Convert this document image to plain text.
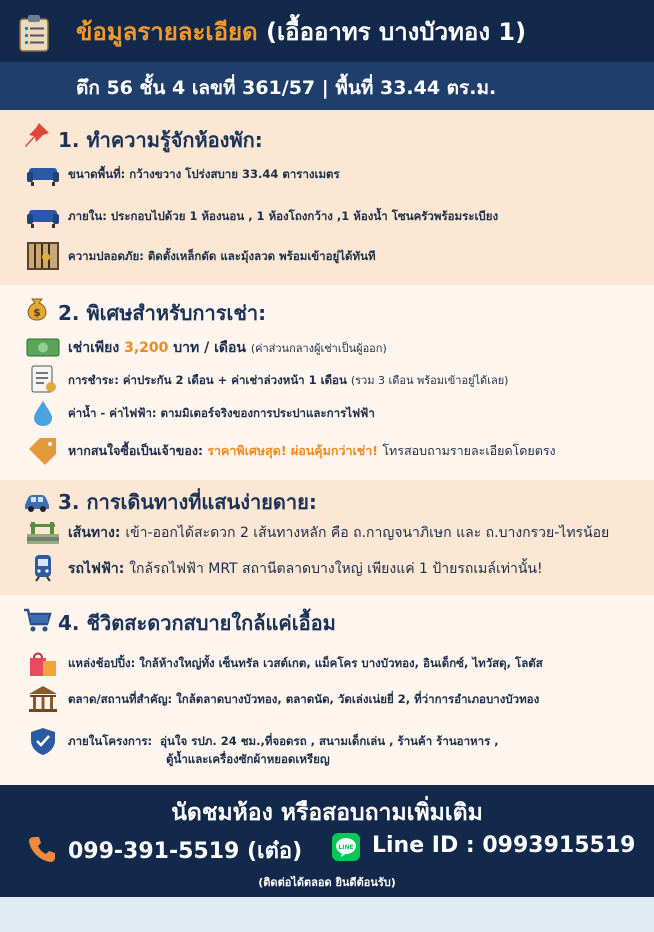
ข้อมูลรายละเอียด (เอื้ออาทร บางบัวทอง 1)
ตึก 56 ชั้น 4 เลขที่ 361/57 | พื้นที่ 33.44 ตร.ม.
1. ทำความรู้จักห้องพัก:
ขนาดพื้นที่: กว้างขวาง โปร่งสบาย 33.44 ตารางเมตร
ภายใน: ประกอบไปด้วย 1 ห้องนอน , 1 ห้องโถงกว้าง ,1 ห้องน้ำ โซนครัวพร้อมระเบียง
ความปลอดภัย: ติดตั้งเหล็กดัด และมุ้งลวด พร้อมเข้าอยู่ได้ทันที
$ 2. พิเศษสำหรับการเช่า:
เช่าเพียง 3,200 บาท / เดือน (ค่าส่วนกลางผู้เช่าเป็นผู้ออก)
การชำระ: ค่าประกัน 2 เดือน + ค่าเช่าล่วงหน้า 1 เดือน (รวม 3 เดือน พร้อมเข้าอยู่ได้เลย)
ค่าน้ำ - ค่าไฟฟ้า: ตามมิเตอร์จริงของการประปาและการไฟฟ้า
หากสนใจซื้อเป็นเจ้าของ: ราคาพิเศษสุด! ผ่อนคุ้มกว่าเช่า! โทรสอบถามรายละเอียดโดยตรง
3. การเดินทางที่แสนง่ายดาย:
เส้นทาง: เข้า-ออกได้สะดวก 2 เส้นทางหลัก คือ ถ.กาญจนาภิเษก และ ถ.บางกรวย-ไทรน้อย
รถไฟฟ้า: ใกล้รถไฟฟ้า MRT สถานีตลาดบางใหญ่ เพียงแค่ 1 ป้ายรถเมล์เท่านั้น!
4. ชีวิตสะดวกสบายใกล้แค่เอื้อม
แหล่งช้อปปิ้ง: ใกล้ห้างใหญ่ทั้ง เซ็นทรัล เวสต์เกต, แม็คโคร บางบัวทอง, อินเด็กซ์, ไทวัสดุ, โลตัส
ตลาด/สถานที่สำคัญ: ใกล้ตลาดบางบัวทอง, ตลาดนัด, วัดเล่งเน่ยยี่ 2, ที่ว่าการอำเภอบางบัวทอง
ภายในโครงการ: อุ่นใจ รปภ. 24 ชม.,ที่จอดรถ , สนามเด็กเล่น , ร้านค้า ร้านอาหาร ,
ตู้น้ำและเครื่องซักผ้าหยอดเหรียญ
นัดชมห้อง หรือสอบถามเพิ่มเติม
099-391-5519 (เต๋อ)	LINE Line ID : 0993915519
(ติดต่อได้ตลอด ยินดีต้อนรับ)
